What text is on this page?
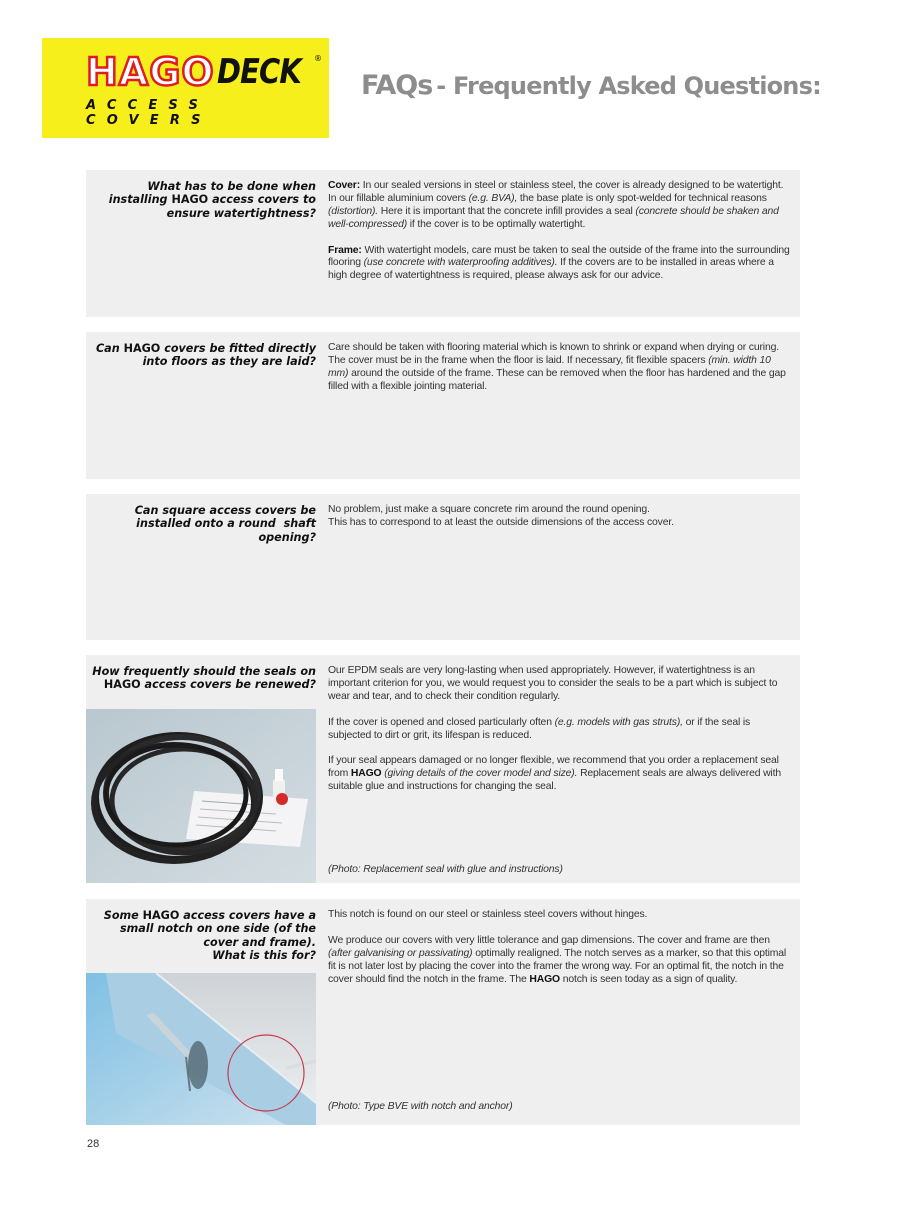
HAGO DECK ®
ACCESS COVERS
FAQs - Frequently Asked Questions:
What has to be done when
installing HAGO access covers to
ensure watertightness?

Cover: In our sealed versions in steel or stainless steel, the cover is already designed to be watertight. In our fillable aluminium covers (e.g. BVA), the base plate is only spot-welded for technical reasons (distortion). Here it is important that the concrete infill provides a seal (concrete should be shaken and well-compressed) if the cover is to be optimally watertight.

Frame: With watertight models, care must be taken to seal the outside of the frame into the surrounding flooring (use concrete with waterproofing additives). If the covers are to be installed in areas where a high degree of watertightness is required, please always ask for our advice.

Can HAGO covers be fitted directly
into floors as they are laid?

Care should be taken with flooring material which is known to shrink or expand when drying or curing. The cover must be in the frame when the floor is laid. If necessary, fit flexible spacers (min. width 10 mm) around the outside of the frame. These can be removed when the floor has hardened and the gap filled with a flexible jointing material.

Can square access covers be
installed onto a round  shaft
opening?
No problem, just make a square concrete rim around the round opening.
This has to correspond to at least the outside dimensions of the access cover.
How frequently should the seals on
HAGO access covers be renewed?

Our EPDM seals are very long-lasting when used appropriately. However, if watertightness is an important criterion for you, we would request you to consider the seals to be a part which is subject to wear and tear, and to check their condition regularly.

If the cover is opened and closed particularly often (e.g. models with gas struts), or if the seal is subjected to dirt or grit, its lifespan is reduced.

If your seal appears damaged or no longer flexible, we recommend that you order a replacement seal from HAGO (giving details of the cover model and size). Replacement seals are always delivered with suitable glue and instructions for changing the seal.

(Photo: Replacement seal with glue and instructions)
Some HAGO access covers have a
small notch on one side (of the
cover and frame).
What is this for?

This notch is found on our steel or stainless steel covers without hinges.

We produce our covers with very little tolerance and gap dimensions. The cover and frame are then (after galvanising or passivating) optimally realigned. The notch serves as a marker, so that this optimal fit is not later lost by placing the cover into the framer the wrong way. For an optimal fit, the notch in the cover should find the notch in the frame. The HAGO notch is seen today as a sign of quality.

(Photo: Type BVE with notch and anchor)
28
